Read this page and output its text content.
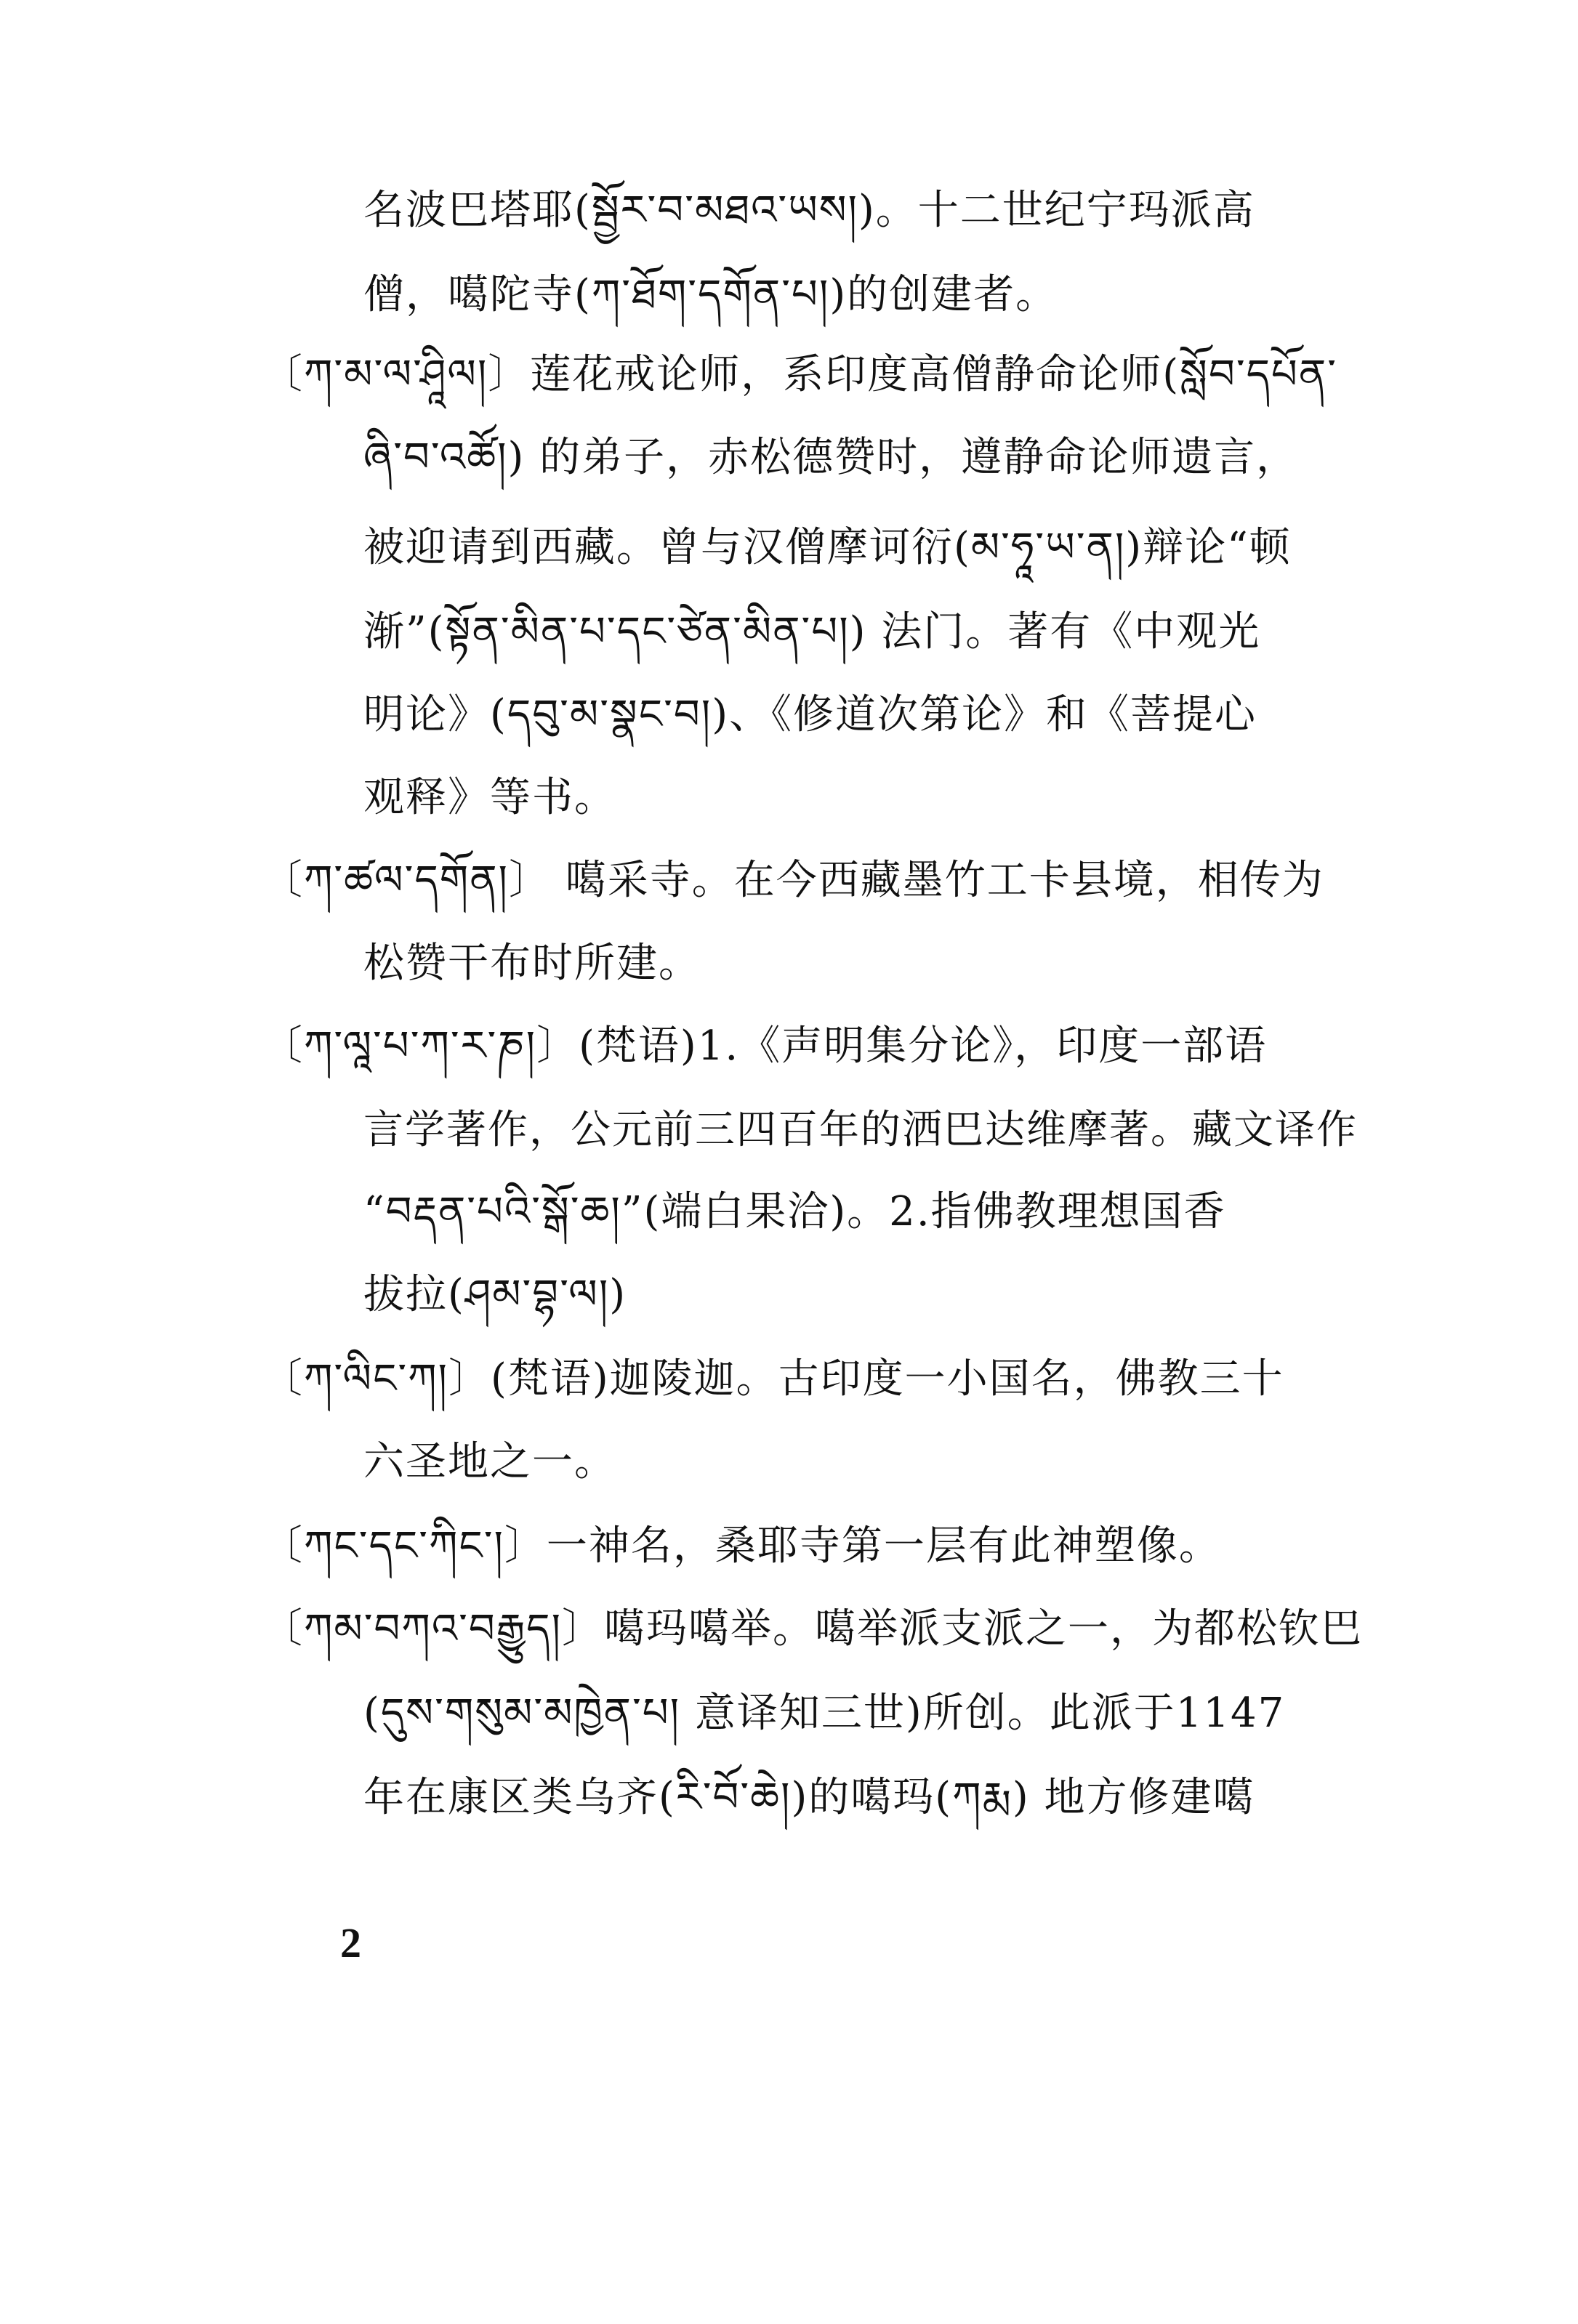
名波巴塔耶(སྦྱོར་བ་མཐའ་ཡས།)。十二世纪宁玛派高
僧，噶陀寺(ཀ་ཐོག་དགོན་པ།)的创建者。
〔ཀ་མ་ལ་ཤཱིལ།〕莲花戒论师，系印度高僧静命论师(སློབ་དཔོན་
ཞི་བ་འཚོ།) 的弟子，赤松德赞时，遵静命论师遗言，
被迎请到西藏。曾与汉僧摩诃衍(མ་ཧཱ་ཡ་ན།)辩论“顿
渐”(སྟོན་མིན་པ་དང་ཙེན་མིན་པ།) 法门。著有《中观光
明论》(དབུ་མ་སྣང་བ།)、《修道次第论》和《菩提心
观释》等书。
〔ཀ་ཚལ་དགོན།〕 噶采寺。在今西藏墨竹工卡县境，相传为
松赞干布时所建。
〔ཀ་ལཱ་པ་ཀ་ར་ཎ།〕(梵语)1.《声明集分论》，印度一部语
言学著作，公元前三四百年的洒巴达维摩著。藏文译作
“བརྡན་པའི་སྒོ་ཆ།”(端白果洽)。2.指佛教理想国香
拔拉(ཤམ་བྷ་ལ།)
〔ཀ་ལིང་ཀ།〕(梵语)迦陵迦。古印度一小国名，佛教三十
六圣地之一。
〔ཀང་དང་ཀིང་།〕一神名，桑耶寺第一层有此神塑像。
〔ཀམ་བཀའ་བརྒྱུད།〕噶玛噶举。噶举派支派之一，为都松钦巴
(དུས་གསུམ་མཁྱེན་པ། 意译知三世)所创。此派于1147
年在康区类乌齐(རི་བོ་ཆེ།)的噶玛(ཀརྨ) 地方修建噶
2
